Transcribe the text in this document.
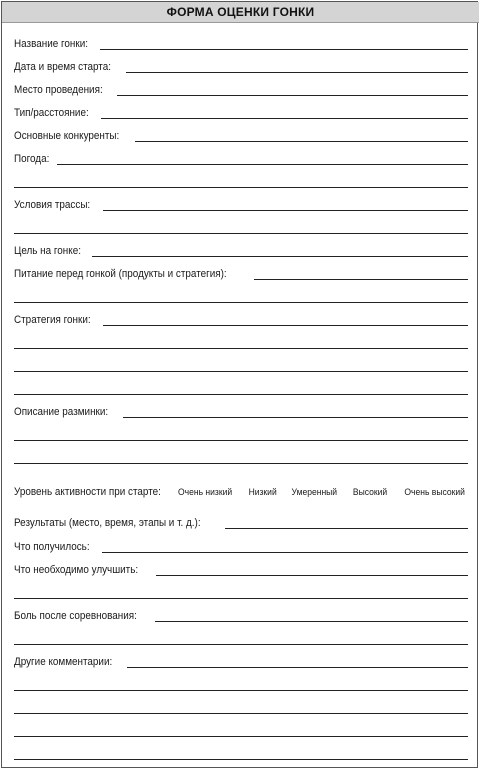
ФОРМА ОЦЕНКИ ГОНКИ
Название гонки:
Дата и время старта:
Место проведения:
Тип/расстояние:
Основные конкуренты:
Погода:
Условия трассы:
Цель на гонке:
Питание перед гонкой (продукты и стратегия):
Стратегия гонки:
Описание разминки:
Уровень активности при старте: Очень низкий Низкий Умеренный Высокий Очень высокий
Результаты (место, время, этапы и т. д.):
Что получилось:
Что необходимо улучшить:
Боль после соревнования:
Другие комментарии:
